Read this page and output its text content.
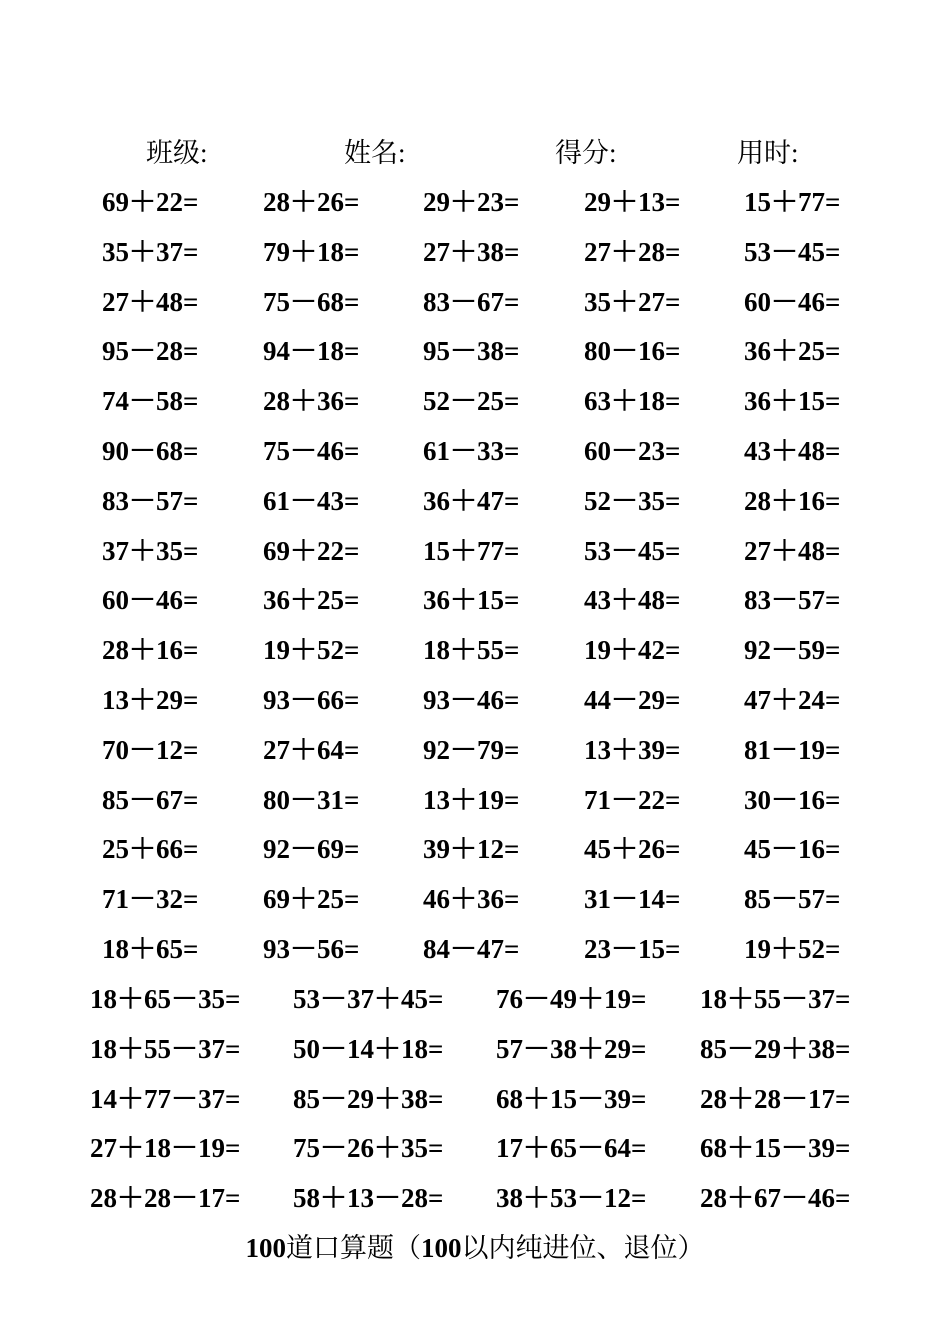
班级:	姓名:	得分:	用时:
69＋22= 28＋26= 29＋23= 29＋13= 15＋77=
35＋37= 79＋18= 27＋38= 27＋28= 53－45=
27＋48= 75－68= 83－67= 35＋27= 60－46=
95－28= 94－18= 95－38= 80－16= 36＋25=
74－58= 28＋36= 52－25= 63＋18= 36＋15=
90－68= 75－46= 61－33= 60－23= 43＋48=
83－57= 61－43= 36＋47= 52－35= 28＋16=
37＋35= 69＋22= 15＋77= 53－45= 27＋48=
60－46= 36＋25= 36＋15= 43＋48= 83－57=
28＋16= 19＋52= 18＋55= 19＋42= 92－59=
13＋29= 93－66= 93－46= 44－29= 47＋24=
70－12= 27＋64= 92－79= 13＋39= 81－19=
85－67= 80－31= 13＋19= 71－22= 30－16=
25＋66= 92－69= 39＋12= 45＋26= 45－16=
71－32= 69＋25= 46＋36= 31－14= 85－57=
18＋65= 93－56= 84－47= 23－15= 19＋52=
18＋65－35= 53－37＋45= 76－49＋19= 18＋55－37=
18＋55－37= 50－14＋18= 57－38＋29= 85－29＋38=
14＋77－37= 85－29＋38= 68＋15－39= 28＋28－17=
27＋18－19= 75－26＋35= 17＋65－64= 68＋15－39=
28＋28－17= 58＋13－28= 38＋53－12= 28＋67－46=
100道口算题（100以内纯进位、退位）
